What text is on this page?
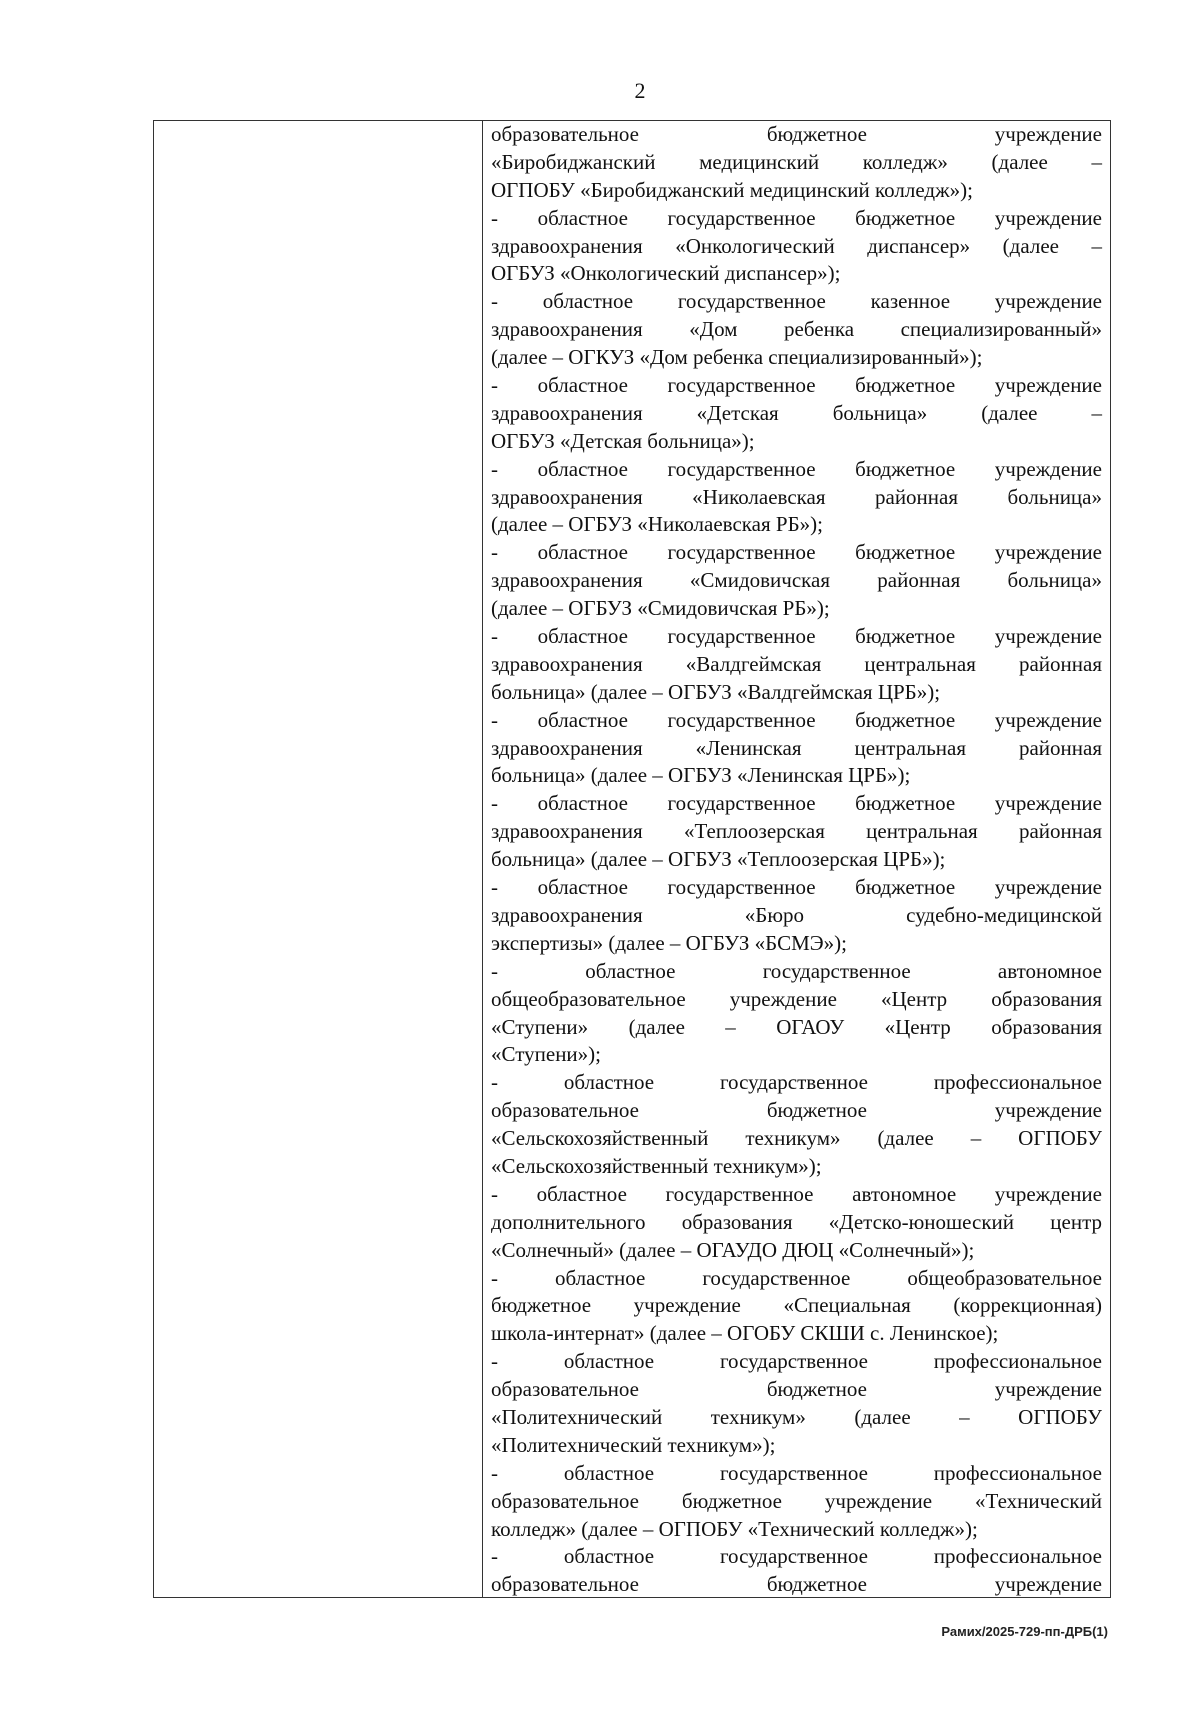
2
образовательное бюджетное учреждение
«Биробиджанский медицинский колледж» (далее –
ОГПОБУ «Биробиджанский медицинский колледж»);
- областное государственное бюджетное учреждение
здравоохранения «Онкологический диспансер» (далее –
ОГБУЗ «Онкологический диспансер»);
- областное государственное казенное учреждение
здравоохранения «Дом ребенка специализированный»
(далее – ОГКУЗ «Дом ребенка специализированный»);
- областное государственное бюджетное учреждение
здравоохранения «Детская больница» (далее –
ОГБУЗ «Детская больница»);
- областное государственное бюджетное учреждение
здравоохранения «Николаевская районная больница»
(далее – ОГБУЗ «Николаевская РБ»);
- областное государственное бюджетное учреждение
здравоохранения «Смидовичская районная больница»
(далее – ОГБУЗ «Смидовичская РБ»);
- областное государственное бюджетное учреждение
здравоохранения «Валдгеймская центральная районная
больница» (далее – ОГБУЗ «Валдгеймская ЦРБ»);
- областное государственное бюджетное учреждение
здравоохранения «Ленинская центральная районная
больница» (далее – ОГБУЗ «Ленинская ЦРБ»);
- областное государственное бюджетное учреждение
здравоохранения «Теплоозерская центральная районная
больница» (далее – ОГБУЗ «Теплоозерская ЦРБ»);
- областное государственное бюджетное учреждение
здравоохранения «Бюро судебно-медицинской
экспертизы» (далее – ОГБУЗ «БСМЭ»);
- областное государственное автономное
общеобразовательное учреждение «Центр образования
«Ступени» (далее – ОГАОУ «Центр образования
«Ступени»);
- областное государственное профессиональное
образовательное бюджетное учреждение
«Сельскохозяйственный техникум» (далее – ОГПОБУ
«Сельскохозяйственный техникум»);
- областное государственное автономное учреждение
дополнительного образования «Детско-юношеский центр
«Солнечный» (далее – ОГАУДО ДЮЦ «Солнечный»);
- областное государственное общеобразовательное
бюджетное учреждение «Специальная (коррекционная)
школа-интернат» (далее – ОГОБУ СКШИ с. Ленинское);
- областное государственное профессиональное
образовательное бюджетное учреждение
«Политехнический техникум» (далее – ОГПОБУ
«Политехнический техникум»);
- областное государственное профессиональное
образовательное бюджетное учреждение «Технический
колледж» (далее – ОГПОБУ «Технический колледж»);
- областное государственное профессиональное
образовательное бюджетное учреждение
Рамих/2025-729-пп-ДРБ(1)
